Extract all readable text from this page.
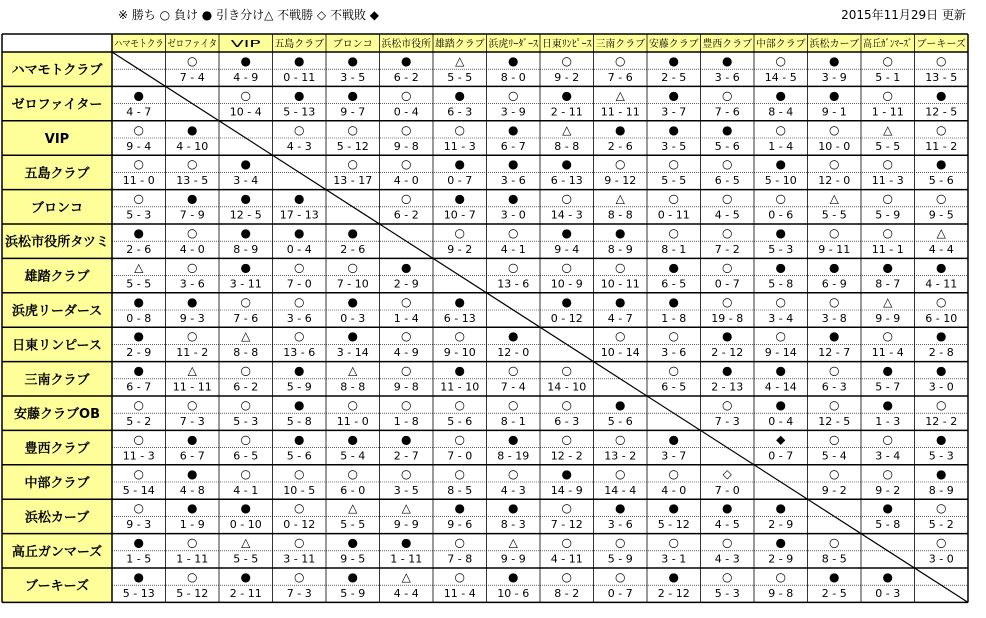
※ 勝ち ○ 負け ● 引き分け△ 不戦勝 ◇ 不戦敗 ◆	2015年11月29日 更新
ハマモトクラ
ゼロファイタ VIP 五島クラブ ブロンコ 浜松市役所 雄踏クラブ 浜虎ﾘｰﾀﾞｰｽ 日東ﾘﾝﾋﾟｰｽ 三南クラブ 安藤クラブ 豊西クラブ 中部クラブ 浜松カーブ 高丘ｶﾞﾝﾏｰｽﾞ
ブーキーズ
ハマモトクラブ
ゼロファイター
VIP
五島クラブ
ブロンコ
浜松市役所タツミ
雄踏クラブ
浜虎リーダース
日東リンピース
三南クラブ
安藤クラブOB
豊西クラブ
中部クラブ
浜松カーブ
高丘ガンマーズ
ブーキーズ
○
7 - 4
●
4 - 9
●
0 - 11
●
3 - 5
●
6 - 2
△
5 - 5
●
8 - 0
○
9 - 2
○
7 - 6
●
2 - 5
●
3 - 6
○
14 - 5
●
3 - 9
○
5 - 1
○
13 - 5
●
4 - 7
○
10 - 4
●
5 - 13
●
9 - 7
○
0 - 4
●
6 - 3
○
3 - 9
●
2 - 11
△
11 - 11
●
3 - 7
○
7 - 6
●
8 - 4
●
9 - 1
○
1 - 11
●
12 - 5
○
9 - 4
●
4 - 10
○
4 - 3
○
5 - 12
○
9 - 8
○
11 - 3
●
6 - 7
△
8 - 8
●
2 - 6
●
3 - 5
●
5 - 6
○
1 - 4
○
10 - 0
△
5 - 5
○
11 - 2
○
11 - 0
○
13 - 5
●
3 - 4
○
13 - 17
○
4 - 0
●
0 - 7
●
3 - 6
●
6 - 13
○
9 - 12
○
5 - 5
○
6 - 5
●
5 - 10
○
12 - 0
○
11 - 3
●
5 - 6
○
5 - 3
●
7 - 9
●
12 - 5
●
17 - 13
○
6 - 2
●
10 - 7
●
3 - 0
○
14 - 3
△
8 - 8
○
0 - 11
○
4 - 5
○
0 - 6
△
5 - 5
○
5 - 9
○
9 - 5
●
2 - 6
○
4 - 0
●
8 - 9
●
0 - 4
●
2 - 6
○
9 - 2
○
4 - 1
●
9 - 4
●
8 - 9
○
8 - 1
○
7 - 2
●
5 - 3
○
9 - 11
○
11 - 1
△
4 - 4
△
5 - 5
○
3 - 6
●
3 - 11
○
7 - 0
○
7 - 10
●
2 - 9
○
13 - 6
○
10 - 9
○
10 - 11
●
6 - 5
○
0 - 7
●
5 - 8
●
6 - 9
●
8 - 7
●
4 - 11
●
0 - 8
●
9 - 3
○
7 - 6
○
3 - 6
●
0 - 3
○
1 - 4
●
6 - 13
●
0 - 12
●
4 - 7
●
1 - 8
○
19 - 8
○
3 - 4
○
3 - 8
△
9 - 9
○
6 - 10
●
2 - 9
○
11 - 2
△
8 - 8
○
13 - 6
●
3 - 14
○
4 - 9
○
9 - 10
●
12 - 0
○
10 - 14
○
3 - 6
●
2 - 12
○
9 - 14
●
12 - 7
○
11 - 4
●
2 - 8
●
6 - 7
△
11 - 11
○
6 - 2
●
5 - 9
△
8 - 8
○
9 - 8
●
11 - 10
○
7 - 4
○
14 - 10
○
6 - 5
●
2 - 13
●
4 - 14
○
6 - 3
●
5 - 7
●
3 - 0
○
5 - 2
○
7 - 3
○
5 - 3
●
5 - 8
○
11 - 0
○
1 - 8
○
5 - 6
○
8 - 1
○
6 - 3
●
5 - 6
○
7 - 3
●
0 - 4
○
12 - 5
●
1 - 3
○
12 - 2
○
11 - 3
●
6 - 7
○
6 - 5
●
5 - 6
●
5 - 4
●
2 - 7
○
7 - 0
●
8 - 19
○
12 - 2
○
13 - 2
●
3 - 7
◆
0 - 7
○
5 - 4
○
3 - 4
●
5 - 3
○
5 - 14
●
4 - 8
○
4 - 1
○
10 - 5
○
6 - 0
○
3 - 5
○
8 - 5
○
4 - 3
●
14 - 9
○
14 - 4
○
4 - 0
◇
7 - 0
○
9 - 2
○
9 - 2
●
8 - 9
○
9 - 3
●
1 - 9
●
0 - 10
○
0 - 12
△
5 - 5
△
9 - 9
●
9 - 6
●
8 - 3
○
7 - 12
●
3 - 6
●
5 - 12
●
4 - 5
●
2 - 9
●
5 - 8
○
5 - 2
●
1 - 5
○
1 - 11
△
5 - 5
○
3 - 11
●
9 - 5
●
1 - 11
○
7 - 8
△
9 - 9
○
4 - 11
○
5 - 9
○
3 - 1
○
4 - 3
●
2 - 9
○
8 - 5
○
3 - 0
●
5 - 13
○
5 - 12
●
2 - 11
○
7 - 3
●
5 - 9
△
4 - 4
○
11 - 4
●
10 - 6
○
8 - 2
○
0 - 7
●
2 - 12
○
5 - 3
○
9 - 8
●
2 - 5
●
0 - 3
